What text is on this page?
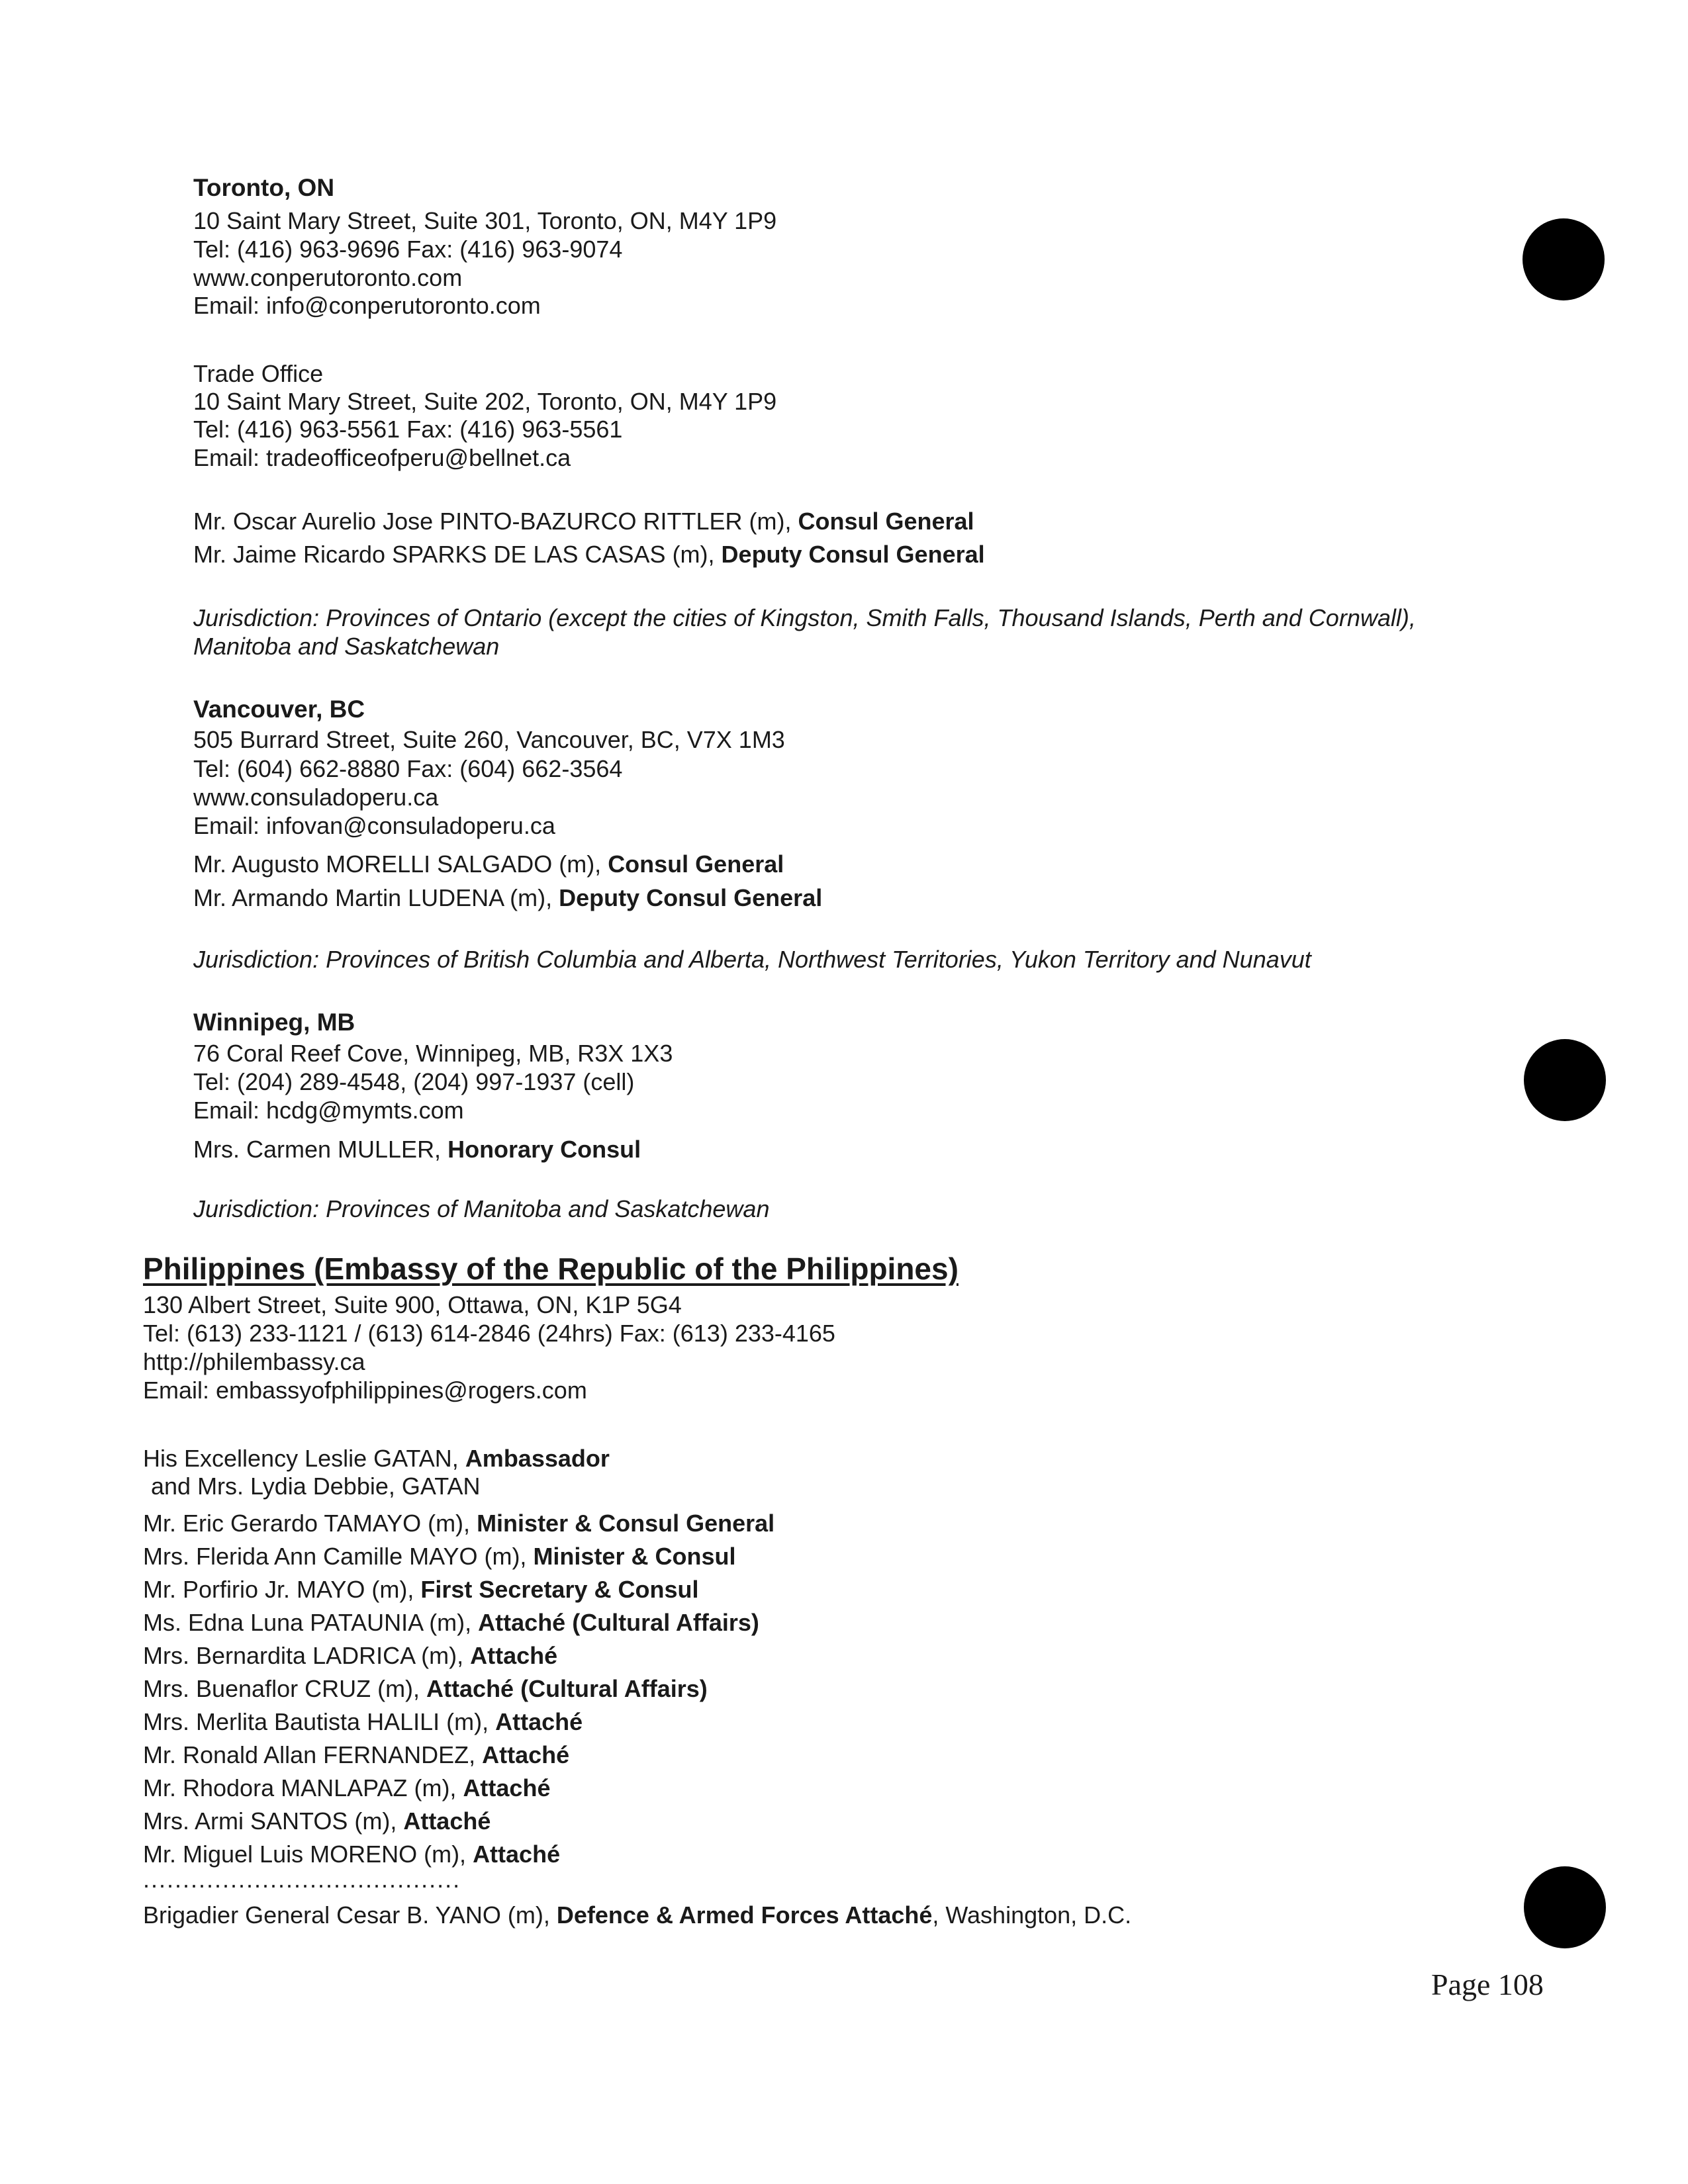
Toronto, ON
10 Saint Mary Street, Suite 301, Toronto, ON, M4Y 1P9
Tel: (416) 963-9696 Fax: (416) 963-9074
www.conperutoronto.com
Email: info@conperutoronto.com
Trade Office
10 Saint Mary Street, Suite 202, Toronto, ON, M4Y 1P9
Tel: (416) 963-5561 Fax: (416) 963-5561
Email: tradeofficeofperu@bellnet.ca
Mr. Oscar Aurelio Jose PINTO-BAZURCO RITTLER (m), Consul General
Mr. Jaime Ricardo SPARKS DE LAS CASAS (m), Deputy Consul General
Jurisdiction: Provinces of Ontario (except the cities of Kingston, Smith Falls, Thousand Islands, Perth and Cornwall),
Manitoba and Saskatchewan
Vancouver, BC
505 Burrard Street, Suite 260, Vancouver, BC, V7X 1M3
Tel: (604) 662-8880 Fax: (604) 662-3564
www.consuladoperu.ca
Email: infovan@consuladoperu.ca
Mr. Augusto MORELLI SALGADO (m), Consul General
Mr. Armando Martin LUDENA (m), Deputy Consul General
Jurisdiction: Provinces of British Columbia and Alberta, Northwest Territories, Yukon Territory and Nunavut
Winnipeg, MB
76 Coral Reef Cove, Winnipeg, MB, R3X 1X3
Tel: (204) 289-4548, (204) 997-1937 (cell)
Email: hcdg@mymts.com
Mrs. Carmen MULLER, Honorary Consul
Jurisdiction: Provinces of Manitoba and Saskatchewan
Philippines (Embassy of the Republic of the Philippines)
130 Albert Street, Suite 900, Ottawa, ON, K1P 5G4
Tel: (613) 233-1121 / (613) 614-2846 (24hrs) Fax: (613) 233-4165
http://philembassy.ca
Email: embassyofphilippines@rogers.com
His Excellency Leslie GATAN, Ambassador
and Mrs. Lydia Debbie, GATAN
Mr. Eric Gerardo TAMAYO (m), Minister & Consul General
Mrs. Flerida Ann Camille MAYO (m), Minister & Consul
Mr. Porfirio Jr. MAYO (m), First Secretary & Consul
Ms. Edna Luna PATAUNIA (m), Attaché (Cultural Affairs)
Mrs. Bernardita LADRICA (m), Attaché
Mrs. Buenaflor CRUZ (m), Attaché (Cultural Affairs)
Mrs. Merlita Bautista HALILI (m), Attaché
Mr. Ronald Allan FERNANDEZ, Attaché
Mr. Rhodora MANLAPAZ (m), Attaché
Mrs. Armi SANTOS (m), Attaché
Mr. Miguel Luis MORENO (m), Attaché
........................................
Brigadier General Cesar B. YANO (m), Defence & Armed Forces Attaché, Washington, D.C.
Page 108
